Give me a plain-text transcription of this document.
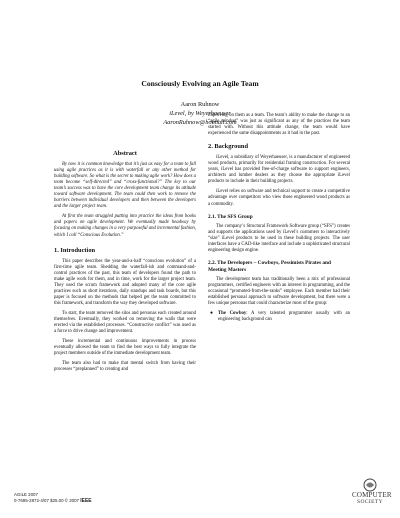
Consciously Evolving an Agile Team
Aaron Ruhnow
iLevel, by Weyerhaeuser
AaronRuhnow@hotmail.com
Abstract

By now it is common knowledge that it’s just as easy for a team to fall using agile practices as it is with waterfall or any other method for building software. So what is the secret to making agile work? How does a team become “self-directed” and “cross-functional?” The key to our team’s success was to have the core development team change its attitude toward software development. The team could then work to remove the barriers between individual developers and then between the developers and the larger project team.

At first the team struggled putting into practice the ideas from books and papers on agile development. We eventually made headway by focusing on making changes in a very purposeful and incremental fashion, which I call “Conscious Evolution.”

1. Introduction

This paper describes the year-and-a-half “conscious evolution” of a first-time agile team. Shedding the waterfall-ish and command-and-control practices of the past, this team of developers found the path to make agile work for them, and in time, work for the larger project team. They used the scrum framework and adopted many of the core agile practices such as short iterations, daily standups and task boards, but this paper is focused on the methods that helped get the team committed to this framework, and transform the way they developed software.

To start, the team removed the silos and personas each created around themselves. Eventually, they worked on removing the walls that were erected via the established processes. “Constructive conflict” was used as a force to drive change and improvement.

These incremental and continuous improvements in process eventually allowed the team to find the best ways to fully integrate the project members outside of the immediate development team.

The team also had to make that mental switch from having their processes “preplanned” to creating and

improving on them as a team. The team’s ability to make the change to an “agile mindset” was just as significant as any of the practices the team started with. Without this attitude change, the team would have experienced the same disappointments as it had in the past.

2. Background

iLevel, a subsidiary of Weyerhaeuser, is a manufacturer of engineered wood products, primarily for residential framing construction. For several years, iLevel has provided free-of-charge software to support engineers, architects and lumber dealers as they choose the appropriate iLevel products to include in their building projects.

iLevel relies on software and technical support to create a competitive advantage over competitors who view these engineered wood products as a commodity.

2.1. The SFS Group

The company’s Structural Framework Software group (“SFS”) creates and supports the applications used by iLevel’s customers to interactively “size” iLevel products to be used in these building projects. The user interfaces have a CAD-like interface and include a sophisticated structural engineering design engine.

2.2. The Developers – Cowboys, Pessimists Pirates and Meeting Masters

The development team has traditionally been a mix of professional programmers, certified engineers with an interest in programming, and the occasional “promoted-from-the-ranks” employee. Each member had their established personal approach to software development, but there were a few unique personas that could characterize most of the group:

● The Cowboy: A very talented programmer usually with an engineering background can

AGILE 2007
0-7695-2872-4/07 $25.00 © 2007 IEEE
COMPUTER
SOCIETY
